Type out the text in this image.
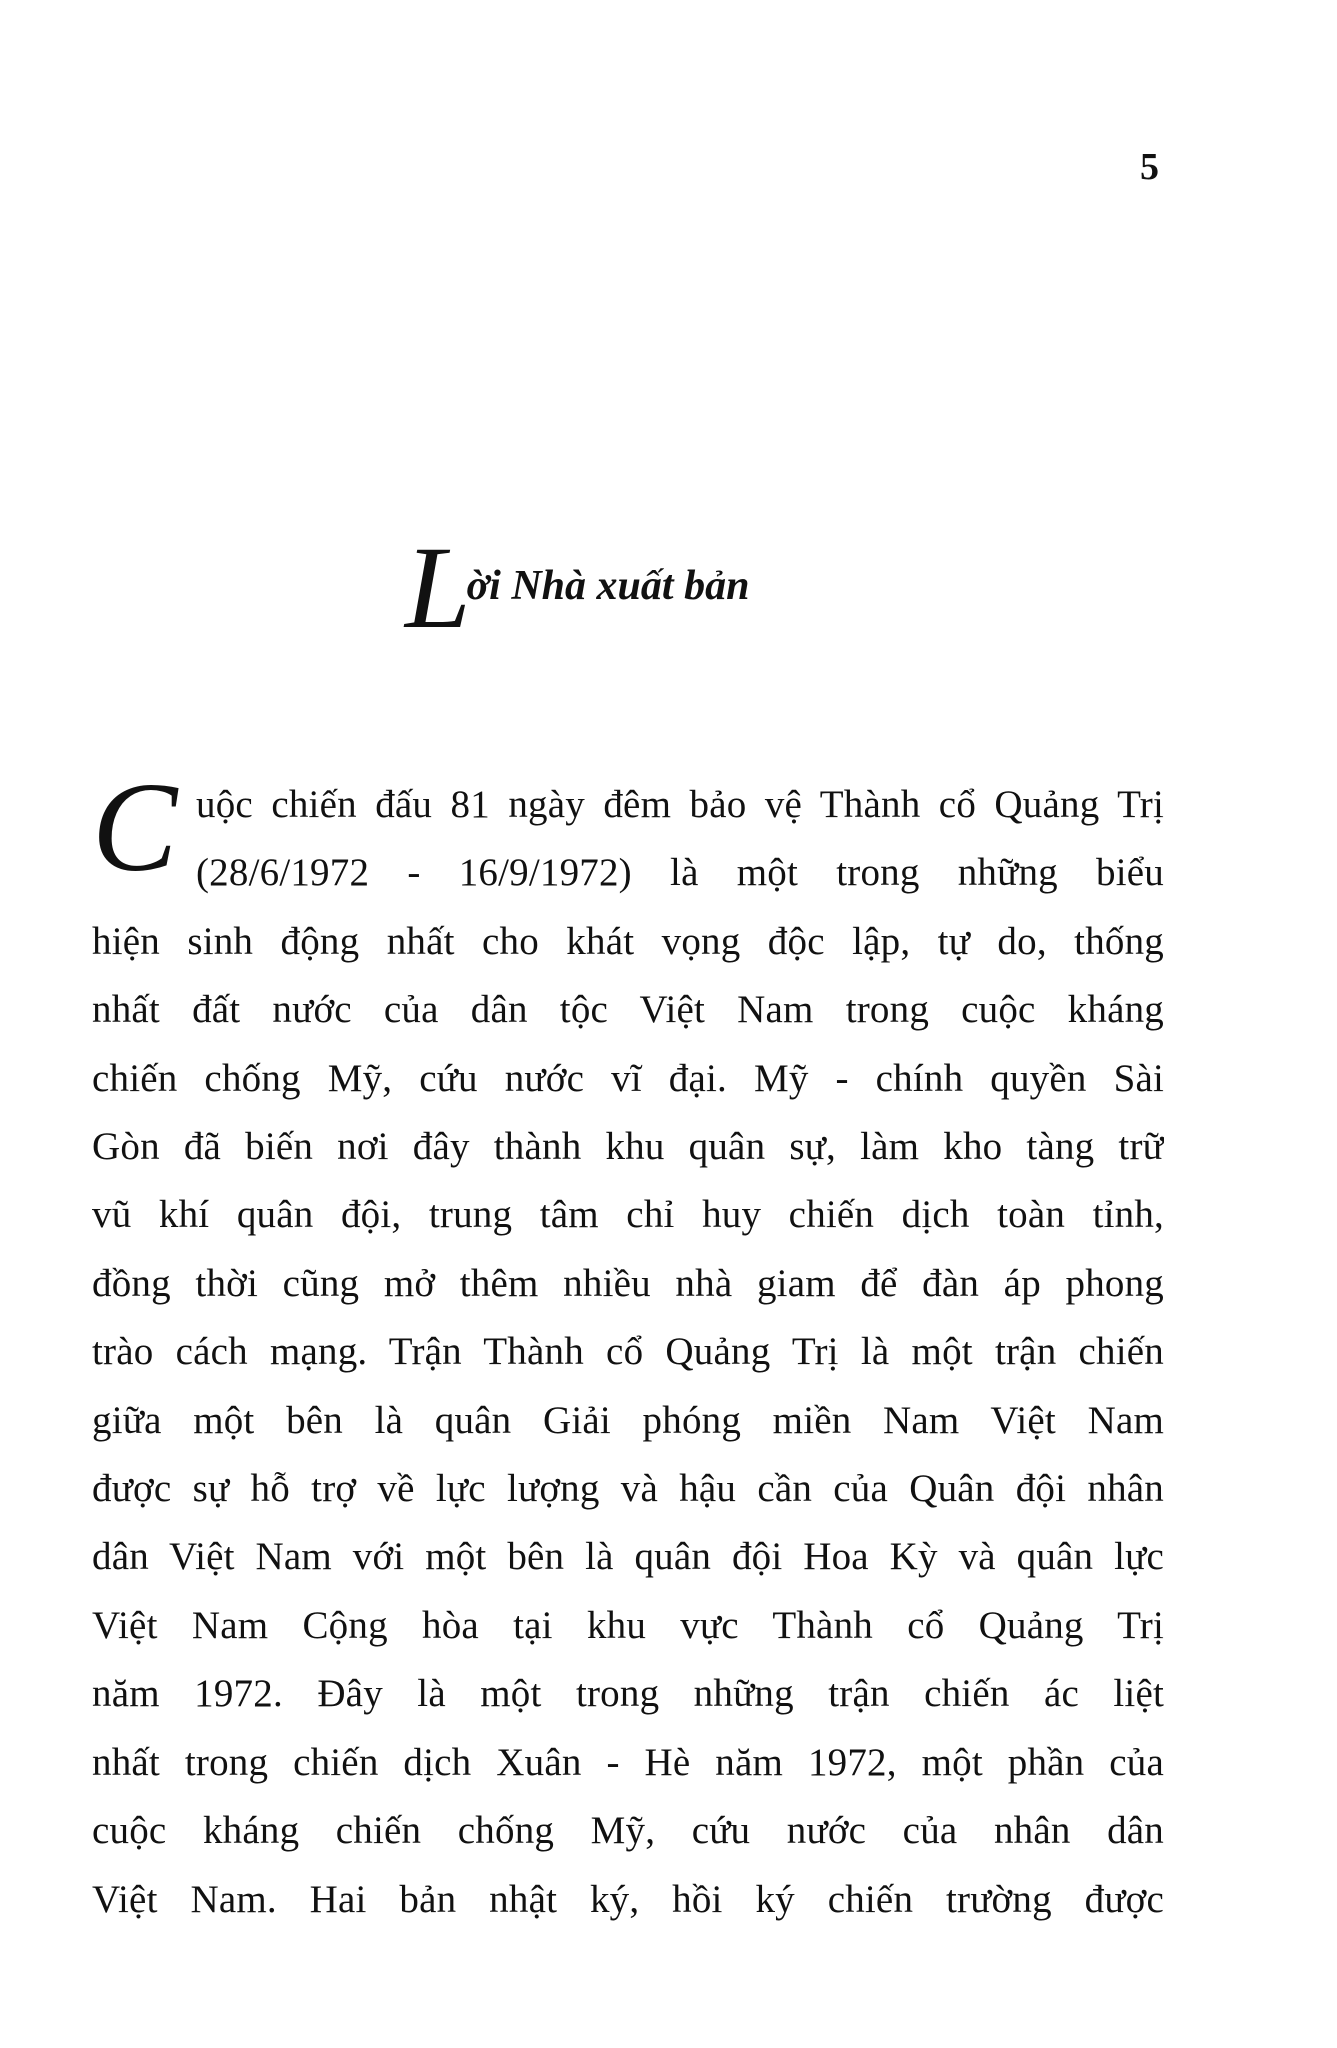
5
L
ời Nhà xuất bản
C uộc chiến đấu 81 ngày đêm bảo vệ Thành cổ Quảng Trị
(28/6/1972 - 16/9/1972) là một trong những biểu
hiện sinh động nhất cho khát vọng độc lập, tự do, thống
nhất đất nước của dân tộc Việt Nam trong cuộc kháng
chiến chống Mỹ, cứu nước vĩ đại. Mỹ - chính quyền Sài
Gòn đã biến nơi đây thành khu quân sự, làm kho tàng trữ
vũ khí quân đội, trung tâm chỉ huy chiến dịch toàn tỉnh,
đồng thời cũng mở thêm nhiều nhà giam để đàn áp phong
trào cách mạng. Trận Thành cổ Quảng Trị là một trận chiến
giữa một bên là quân Giải phóng miền Nam Việt Nam
được sự hỗ trợ về lực lượng và hậu cần của Quân đội nhân
dân Việt Nam với một bên là quân đội Hoa Kỳ và quân lực
Việt Nam Cộng hòa tại khu vực Thành cổ Quảng Trị
năm 1972. Đây là một trong những trận chiến ác liệt
nhất trong chiến dịch Xuân - Hè năm 1972, một phần của
cuộc kháng chiến chống Mỹ, cứu nước của nhân dân
Việt Nam. Hai bản nhật ký, hồi ký chiến trường được
